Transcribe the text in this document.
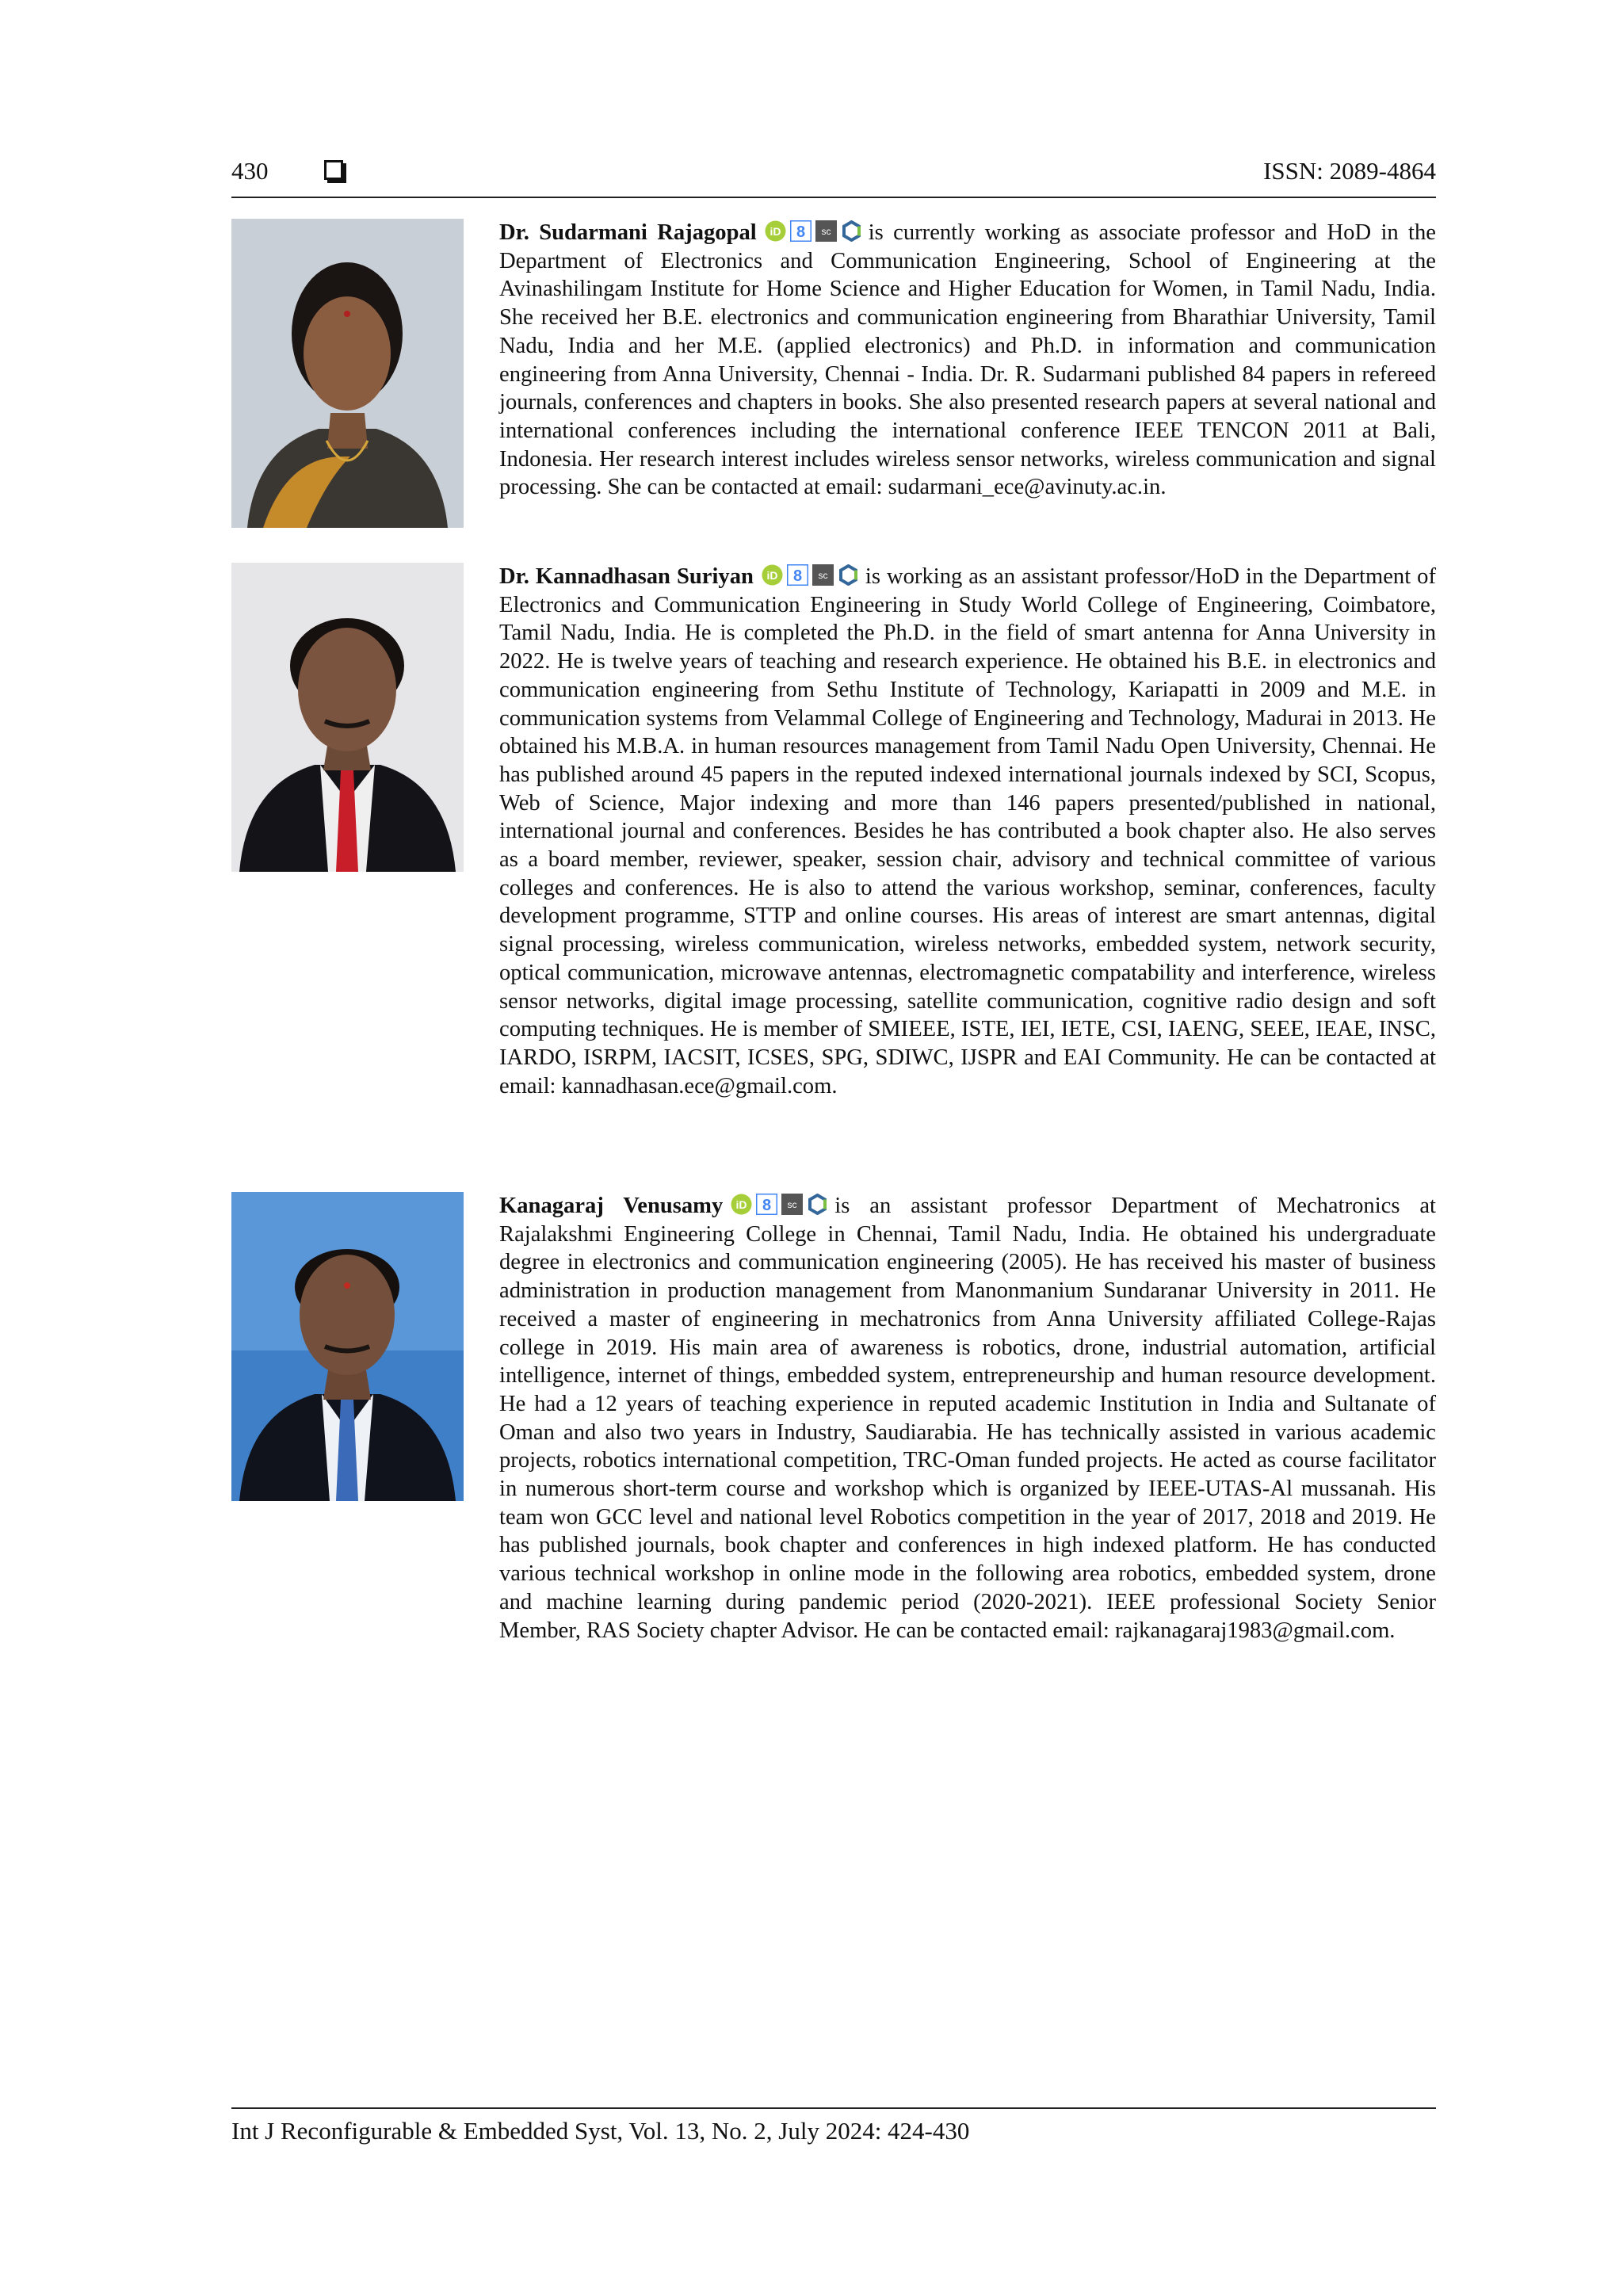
430	ISSN: 2089-4864
Dr. Sudarmani Rajagopal iD 8 sc is currently working as associate professor and HoD in the Department of Electronics and Communication Engineering, School of Engineering at the Avinashilingam Institute for Home Science and Higher Education for Women, in Tamil Nadu, India. She received her B.E. electronics and communication engineering from Bharathiar University, Tamil Nadu, India and her M.E. (applied electronics) and Ph.D. in information and communication engineering from Anna University, Chennai - India. Dr. R. Sudarmani published 84 papers in refereed journals, conferences and chapters in books. She also presented research papers at several national and international conferences including the international conference IEEE TENCON 2011 at Bali, Indonesia. Her research interest includes wireless sensor networks, wireless communication and signal processing. She can be contacted at email: sudarmani_ece@avinuty.ac.in.
Dr. Kannadhasan Suriyan iD 8 sc is working as an assistant professor/HoD in the Department of Electronics and Communication Engineering in Study World College of Engineering, Coimbatore, Tamil Nadu, India. He is completed the Ph.D. in the field of smart antenna for Anna University in 2022. He is twelve years of teaching and research experience. He obtained his B.E. in electronics and communication engineering from Sethu Institute of Technology, Kariapatti in 2009 and M.E. in communication systems from Velammal College of Engineering and Technology, Madurai in 2013. He obtained his M.B.A. in human resources management from Tamil Nadu Open University, Chennai. He has published around 45 papers in the reputed indexed international journals indexed by SCI, Scopus, Web of Science, Major indexing and more than 146 papers presented/published in national, international journal and conferences. Besides he has contributed a book chapter also. He also serves as a board member, reviewer, speaker, session chair, advisory and technical committee of various colleges and conferences. He is also to attend the various workshop, seminar, conferences, faculty development programme, STTP and online courses. His areas of interest are smart antennas, digital signal processing, wireless communication, wireless networks, embedded system, network security, optical communication, microwave antennas, electromagnetic compatability and interference, wireless sensor networks, digital image processing, satellite communication, cognitive radio design and soft computing techniques. He is member of SMIEEE, ISTE, IEI, IETE, CSI, IAENG, SEEE, IEAE, INSC, IARDO, ISRPM, IACSIT, ICSES, SPG, SDIWC, IJSPR and EAI Community. He can be contacted at email: kannadhasan.ece@gmail.com.
Kanagaraj Venusamy iD 8 sc is an assistant professor Department of Mechatronics at Rajalakshmi Engineering College in Chennai, Tamil Nadu, India. He obtained his undergraduate degree in electronics and communication engineering (2005). He has received his master of business administration in production management from Manonmanium Sundaranar University in 2011. He received a master of engineering in mechatronics from Anna University affiliated College-Rajas college in 2019. His main area of awareness is robotics, drone, industrial automation, artificial intelligence, internet of things, embedded system, entrepreneurship and human resource development. He had a 12 years of teaching experience in reputed academic Institution in India and Sultanate of Oman and also two years in Industry, Saudiarabia. He has technically assisted in various academic projects, robotics international competition, TRC-Oman funded projects. He acted as course facilitator in numerous short-term course and workshop which is organized by IEEE-UTAS-Al mussanah. His team won GCC level and national level Robotics competition in the year of 2017, 2018 and 2019. He has published journals, book chapter and conferences in high indexed platform. He has conducted various technical workshop in online mode in the following area robotics, embedded system, drone and machine learning during pandemic period (2020-2021). IEEE professional Society Senior Member, RAS Society chapter Advisor. He can be contacted email: rajkanagaraj1983@gmail.com.
Int J Reconfigurable & Embedded Syst, Vol. 13, No. 2, July 2024: 424-430
